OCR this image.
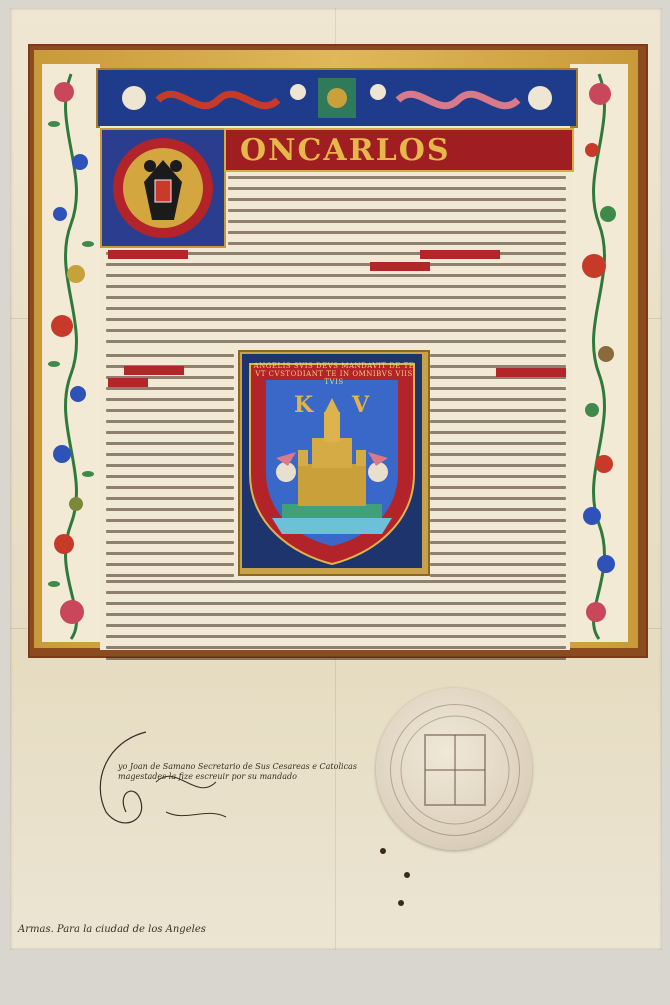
ONCARLOS
K V
ANGELIS SVIS DEVS MANDAVIT DE TE VT CVSTODIANT TE IN OMNIBVS VIIS TVIS
yo Joan de Samano Secretario de Sus Cesareas e Catolicas magestades la fize escreuir por su mandado
Armas. Para la ciudad de los Angeles
